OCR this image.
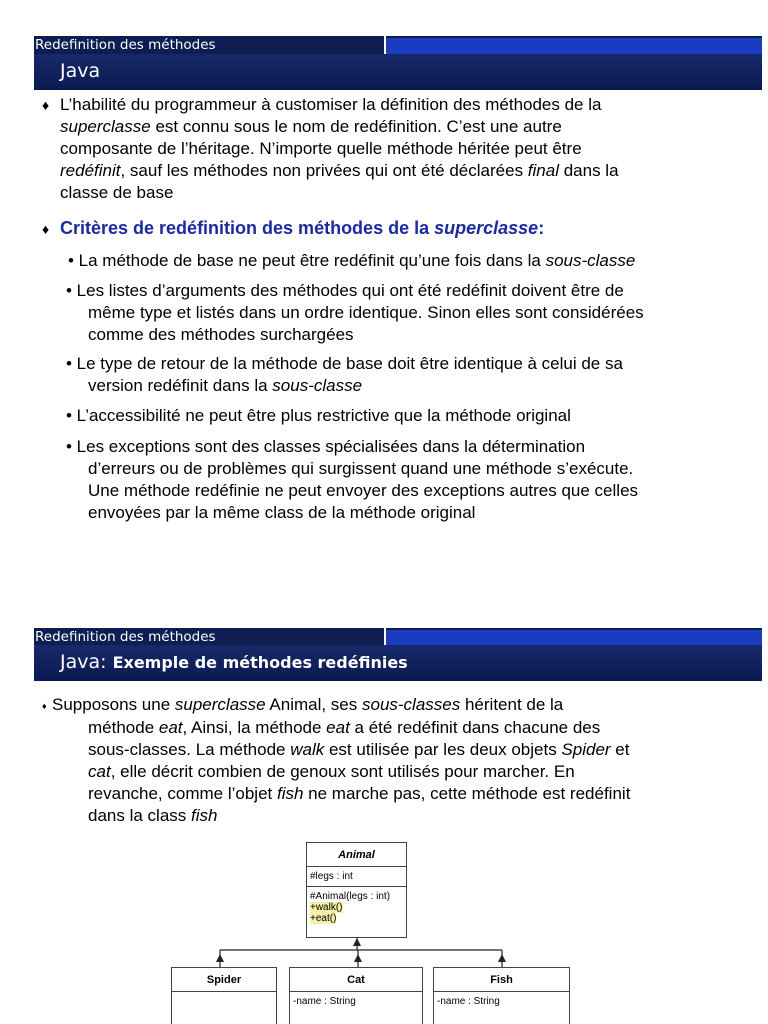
Redefinition des méthodes
Java
♦ L’habilité du programmeur à customiser la définition des méthodes de la
superclasse est connu sous le nom de redéfinition. C’est une autre
composante de l’héritage. N’importe quelle méthode héritée peut être
redéfinit, sauf les méthodes non privées qui ont été déclarées final dans la
classe de base
♦ Critères de redéfinition des méthodes de la superclasse:
• La méthode de base ne peut être redéfinit qu’une fois dans la sous-classe
• Les listes d’arguments des méthodes qui ont été redéfinit doivent être de
même type et listés dans un ordre identique. Sinon elles sont considérées
comme des méthodes surchargées
• Le type de retour de la méthode de base doit être identique à celui de sa
version redéfinit dans la sous-classe
• L’accessibilité ne peut être plus restrictive que la méthode original
• Les exceptions sont des classes spécialisées dans la détermination
d’erreurs ou de problèmes qui surgissent quand une méthode s’exécute.
Une méthode redéfinie ne peut envoyer des exceptions autres que celles
envoyées par la même class de la méthode original
Redefinition des méthodes
Java: Exemple de méthodes redéfinies
♦ Supposons une superclasse Animal, ses sous-classes héritent de la
méthode eat, Ainsi, la méthode eat a été redéfinit dans chacune des
sous-classes. La méthode walk est utilisée par les deux objets Spider et
cat, elle décrit combien de genoux sont utilisés pour marcher. En
revanche, comme l’objet fish ne marche pas, cette méthode est redéfinit
dans la class fish
Animal
#legs : int
#Animal(legs : int)
+walk()
+eat()
Spider	Cat
-name : String
Fish
-name : String
